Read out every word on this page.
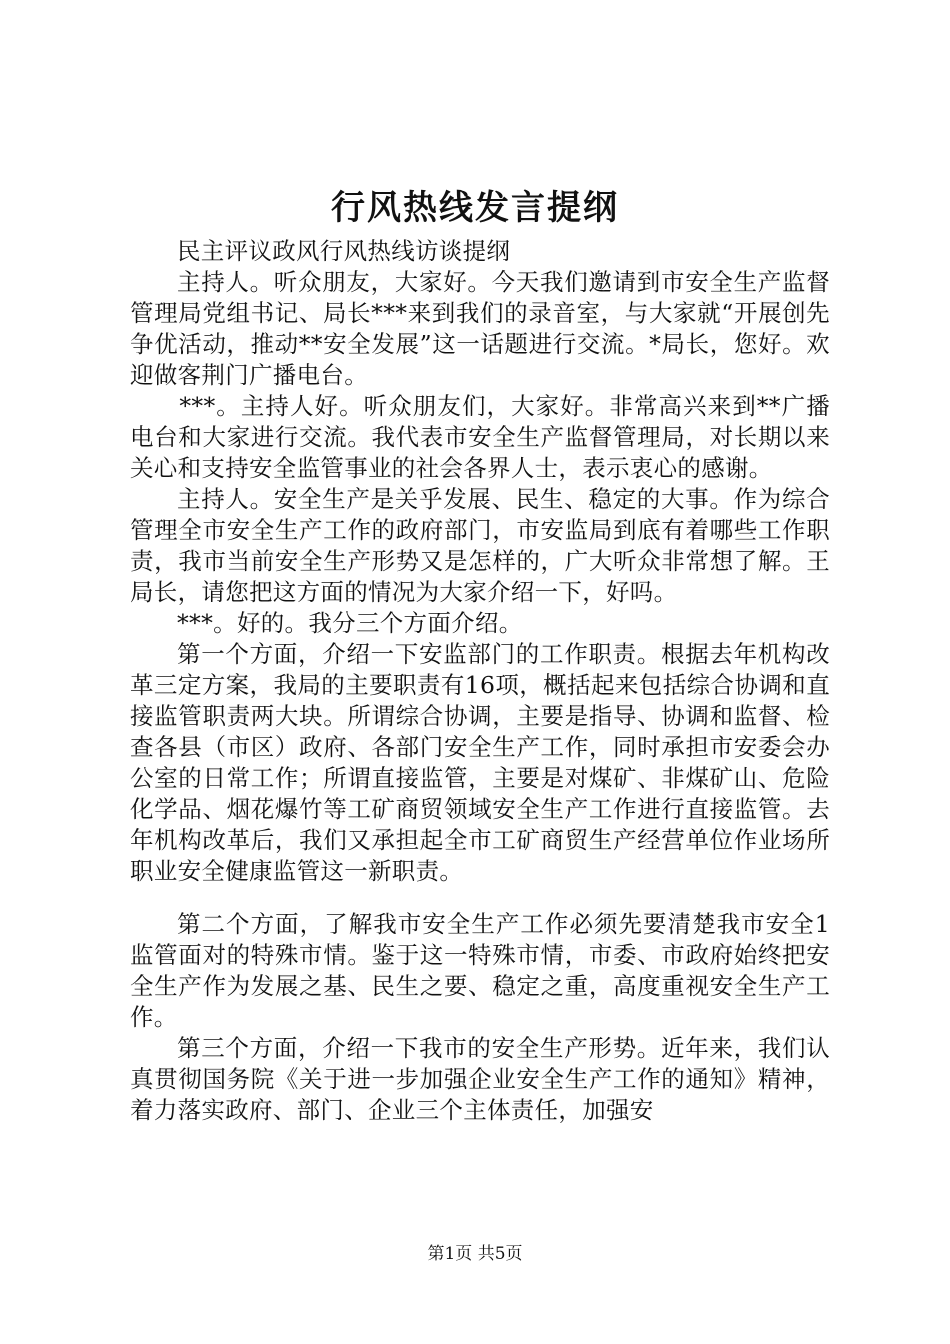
行风热线发言提纲

民主评议政风行风热线访谈提纲

主持人。听众朋友，大家好。今天我们邀请到市安全生产监督管理局党组书记、局长***来到我们的录音室，与大家就“开展创先争优活动，推动**安全发展”这一话题进行交流。*局长，您好。欢迎做客荆门广播电台。

***。主持人好。听众朋友们，大家好。非常高兴来到**广播电台和大家进行交流。我代表市安全生产监督管理局，对长期以来关心和支持安全监管事业的社会各界人士，表示衷心的感谢。

主持人。安全生产是关乎发展、民生、稳定的大事。作为综合管理全市安全生产工作的政府部门，市安监局到底有着哪些工作职责，我市当前安全生产形势又是怎样的，广大听众非常想了解。王局长，请您把这方面的情况为大家介绍一下，好吗。

***。好的。我分三个方面介绍。

第一个方面，介绍一下安监部门的工作职责。根据去年机构改革三定方案，我局的主要职责有16项，概括起来包括综合协调和直接监管职责两大块。所谓综合协调，主要是指导、协调和监督、检查各县（市区）政府、各部门安全生产工作，同时承担市安委会办公室的日常工作；所谓直接监管，主要是对煤矿、非煤矿山、危险化学品、烟花爆竹等工矿商贸领域安全生产工作进行直接监管。去年机构改革后，我们又承担起全市工矿商贸生产经营单位作业场所职业安全健康监管这一新职责。

第二个方面，了解我市安全生产工作必须先要清楚我市安全1监管面对的特殊市情。鉴于这一特殊市情，市委、市政府始终把安全生产作为发展之基、民生之要、稳定之重，高度重视安全生产工作。

第三个方面，介绍一下我市的安全生产形势。近年来，我们认真贯彻国务院《关于进一步加强企业安全生产工作的通知》精神，着力落实政府、部门、企业三个主体责任，加强安

第1页 共5页
